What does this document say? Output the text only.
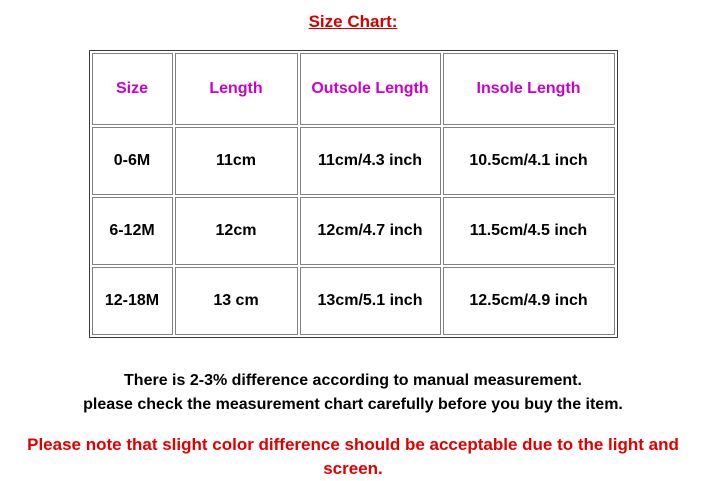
Size Chart:
Size	Length	Outsole Length	Insole Length
0-6M	11cm	11cm/4.3 inch	10.5cm/4.1 inch
6-12M	12cm	12cm/4.7 inch	11.5cm/4.5 inch
12-18M	13 cm	13cm/5.1 inch	12.5cm/4.9 inch
There is 2-3% difference according to manual measurement.
please check the measurement chart carefully before you buy the item.
Please note that slight color difference should be acceptable due to the light and screen.
